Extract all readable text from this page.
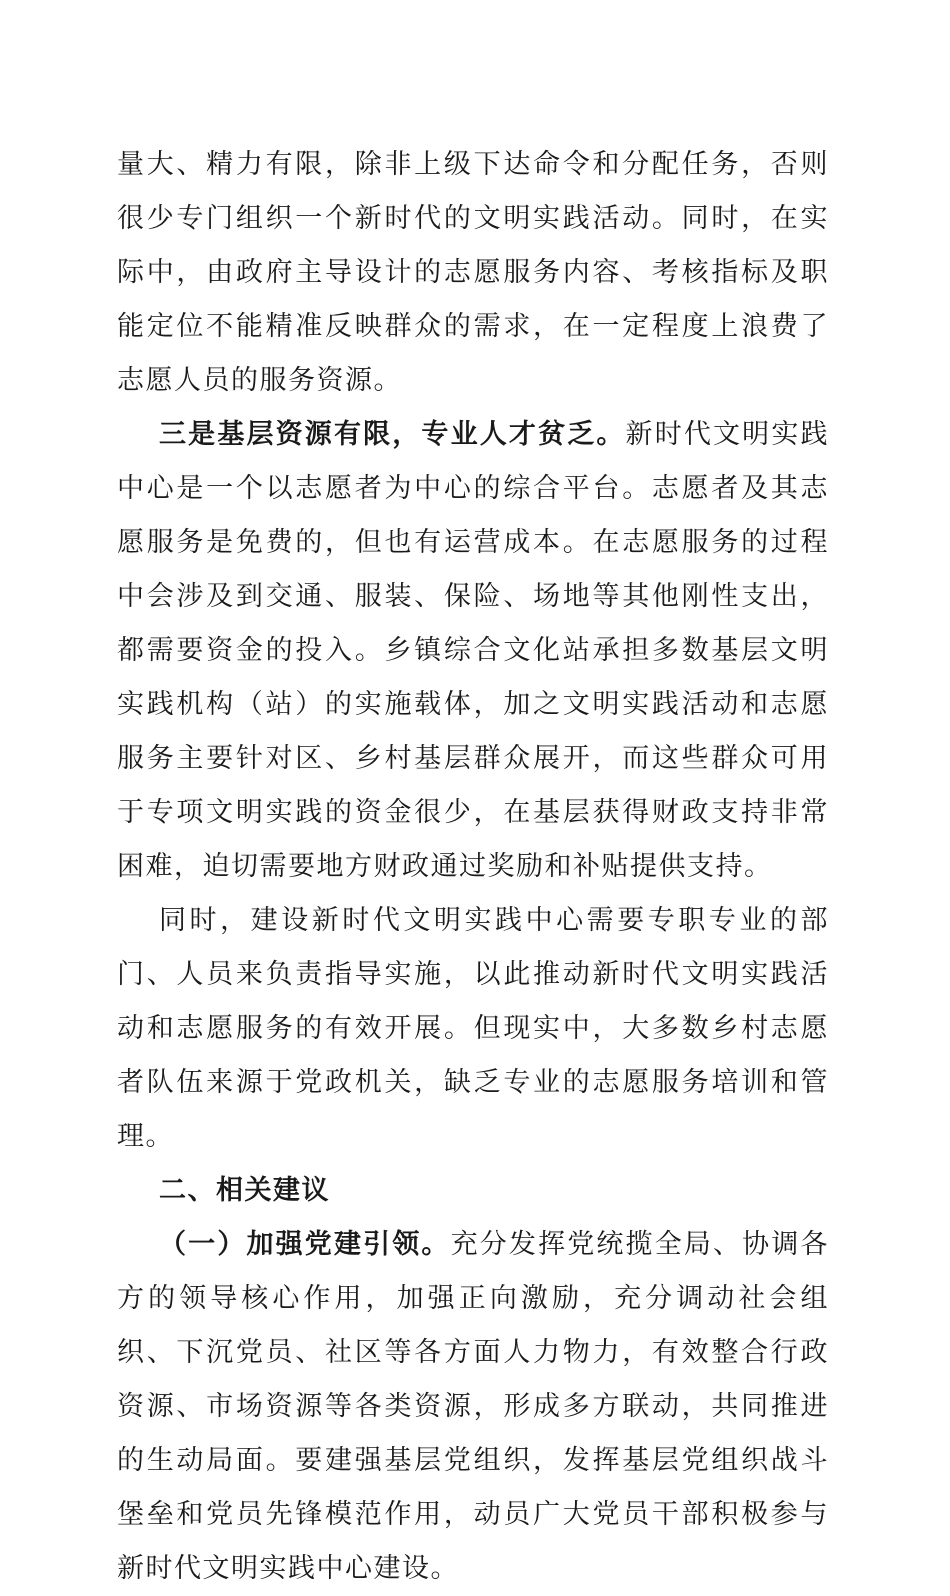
量大、精力有限，除非上级下达命令和分配任务，否则很少专门组织一个新时代的文明实践活动。同时，在实际中，由政府主导设计的志愿服务内容、考核指标及职能定位不能精准反映群众的需求，在一定程度上浪费了志愿人员的服务资源。

三是基层资源有限，专业人才贫乏。新时代文明实践中心是一个以志愿者为中心的综合平台。志愿者及其志愿服务是免费的，但也有运营成本。在志愿服务的过程中会涉及到交通、服装、保险、场地等其他刚性支出，都需要资金的投入。乡镇综合文化站承担多数基层文明实践机构（站）的实施载体，加之文明实践活动和志愿服务主要针对区、乡村基层群众展开，而这些群众可用于专项文明实践的资金很少，在基层获得财政支持非常困难，迫切需要地方财政通过奖励和补贴提供支持。

同时，建设新时代文明实践中心需要专职专业的部门、人员来负责指导实施，以此推动新时代文明实践活动和志愿服务的有效开展。但现实中，大多数乡村志愿者队伍来源于党政机关，缺乏专业的志愿服务培训和管理。

二、相关建议

（一）加强党建引领。充分发挥党统揽全局、协调各方的领导核心作用，加强正向激励，充分调动社会组织、下沉党员、社区等各方面人力物力，有效整合行政资源、市场资源等各类资源，形成多方联动，共同推进的生动局面。要建强基层党组织，发挥基层党组织战斗堡垒和党员先锋模范作用，动员广大党员干部积极参与新时代文明实践中心建设。
